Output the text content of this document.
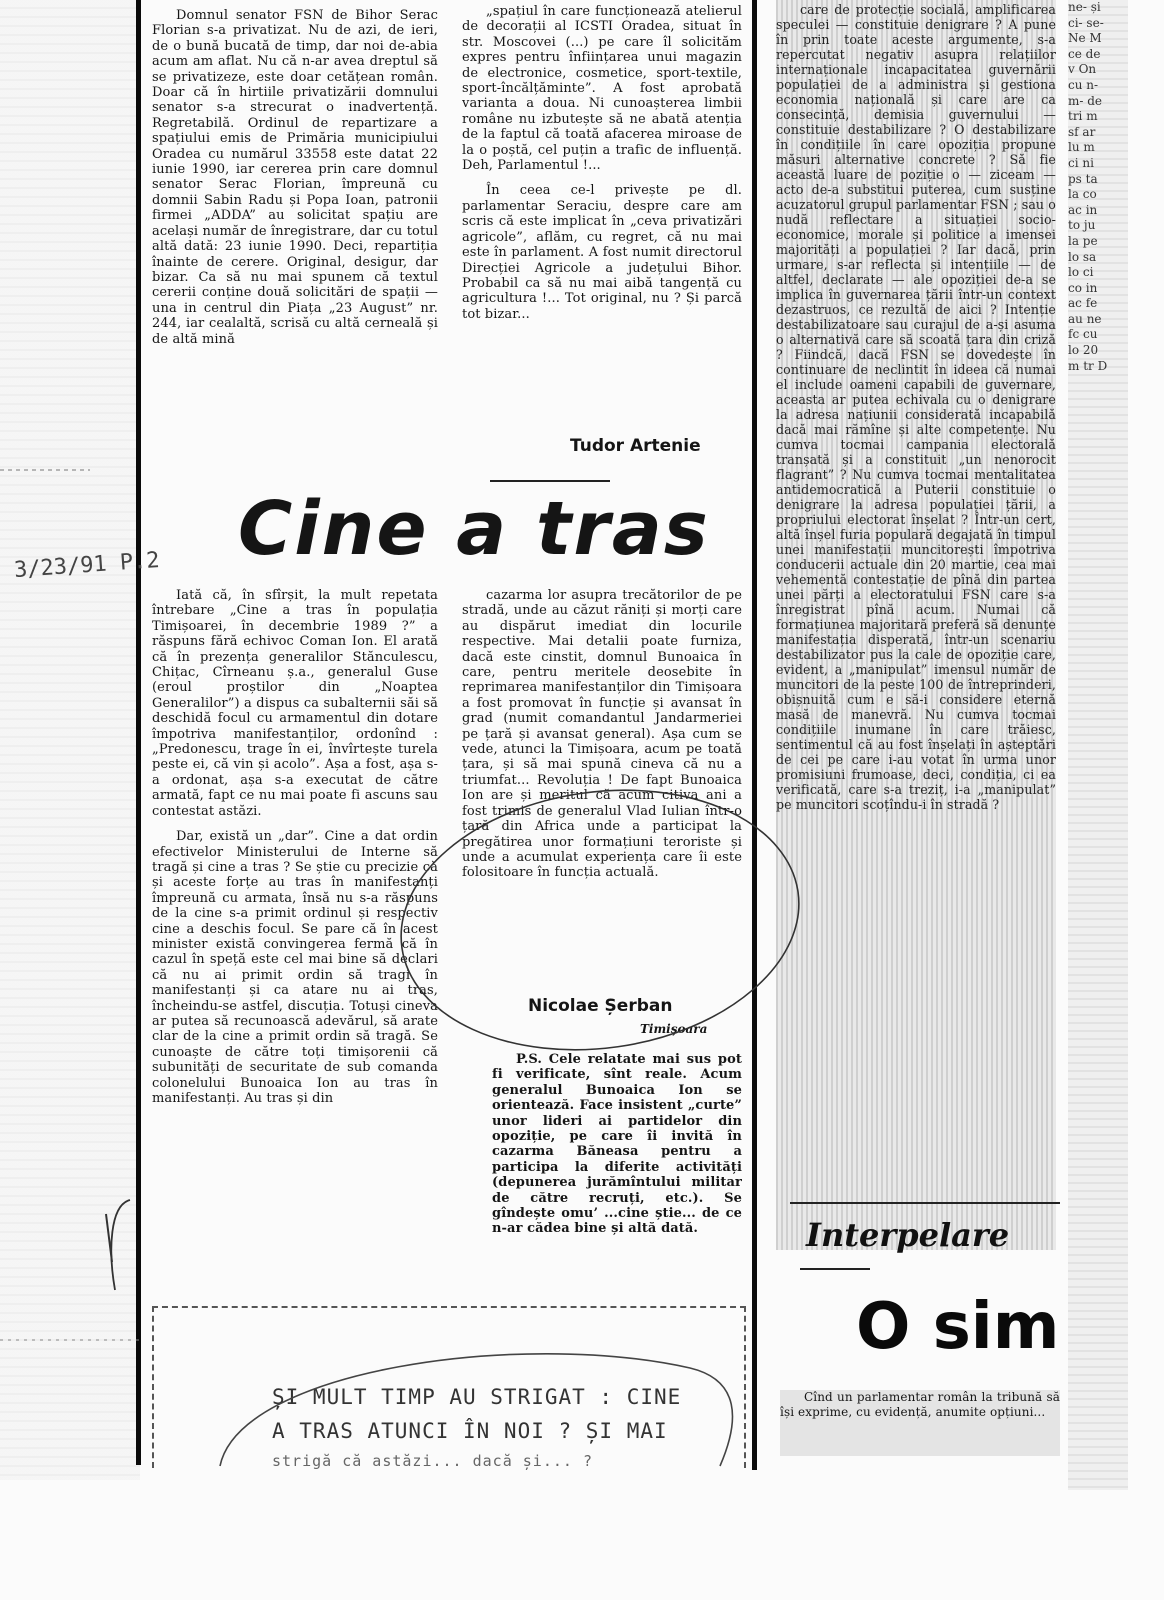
3/23/91 P.2

Domnul senator FSN de Bihor Serac Florian s-a privatizat. Nu de azi, de ieri, de o bună bucată de timp, dar noi de-abia acum am aflat. Nu că n-ar avea dreptul să se privatizeze, este doar cetățean român. Doar că în hirtiile privatizării domnului senator s-a strecurat o inadvertență. Regretabilă. Ordinul de repartizare a spațiului emis de Primăria municipiului Oradea cu numărul 33558 este datat 22 iunie 1990, iar cererea prin care domnul senator Serac Florian, împreună cu domnii Sabin Radu și Popa Ioan, patronii firmei „ADDA” au solicitat spațiu are același număr de înregistrare, dar cu totul altă dată: 23 iunie 1990. Deci, repartiția înainte de cerere. Original, desigur, dar bizar. Ca să nu mai spunem că textul cererii conține două solicitări de spații — una in centrul din Piața „23 August” nr. 244, iar cealaltă, scrisă cu altă cerneală și de altă mină

„spațiul în care funcționează atelierul de decorații al ICSTI Oradea, situat în str. Moscovei (...) pe care îl solicităm expres pentru înființarea unui magazin de electronice, cosmetice, sport-textile, sport-încălțăminte”. A fost aprobată varianta a doua. Ni cunoașterea limbii române nu izbutește să ne abată atenția de la faptul că toată afacerea miroase de la o poștă, cel puțin a trafic de influență. Deh, Parlamentul !...

În ceea ce-l privește pe dl. parlamentar Seraciu, despre care am scris că este implicat în „ceva privatizări agricole”, aflăm, cu regret, că nu mai este în parlament. A fost numit directorul Direcției Agricole a județului Bihor. Probabil ca să nu mai aibă tangență cu agricultura !... Tot original, nu ? Și parcă tot bizar...

Tudor Artenie
Cine a tras

Iată că, în sfîrșit, la mult repetata întrebare „Cine a tras în populația Timișoarei, în decembrie 1989 ?” a răspuns fără echivoc Coman Ion. El arată că în prezența generalilor Stănculescu, Chițac, Cîrneanu ș.a., generalul Guse (eroul proștilor din „Noaptea Generalilor”) a dispus ca subalternii săi să deschidă focul cu armamentul din dotare împotriva manifestanților, ordonînd : „Predonescu, trage în ei, învîrtește turela peste ei, că vin și acolo”. Așa a fost, așa s-a ordonat, așa s-a executat de către armată, fapt ce nu mai poate fi ascuns sau contestat astăzi.

Dar, există un „dar”. Cine a dat ordin efectivelor Ministerului de Interne să tragă și cine a tras ? Se știe cu precizie că și aceste forțe au tras în manifestanți împreună cu armata, însă nu s-a răspuns de la cine s-a primit ordinul și respectiv cine a deschis focul. Se pare că în acest minister există convingerea fermă că în cazul în speță este cel mai bine să declari că nu ai primit ordin să tragi în manifestanți și ca atare nu ai tras, încheindu-se astfel, discuția. Totuși cineva ar putea să recunoască adevărul, să arate clar de la cine a primit ordin să tragă. Se cunoaște de către toți timișorenii că subunități de securitate de sub comanda colonelului Bunoaica Ion au tras în manifestanți. Au tras și din

cazarma lor asupra trecătorilor de pe stradă, unde au căzut răniți și morți care au dispărut imediat din locurile respective. Mai detalii poate furniza, dacă este cinstit, domnul Bunoaica în care, pentru meritele deosebite în reprimarea manifestanților din Timișoara a fost promovat în funcție și avansat în grad (numit comandantul Jandarmeriei pe țară și avansat general). Așa cum se vede, atunci la Timișoara, acum pe toată țara, și să mai spună cineva că nu a triumfat... Revoluția ! De fapt Bunoaica Ion are și meritul că acum citiva ani a fost trimis de generalul Vlad Iulian într-o țară din Africa unde a participat la pregătirea unor formațiuni teroriste și unde a acumulat experiența care îi este folositoare în funcția actuală.

Nicolae Șerban
Timișoara

P.S. Cele relatate mai sus pot fi verificate, sînt reale. Acum generalul Bunoaica Ion se orientează. Face insistent „curte” unor lideri ai partidelor din opoziție, pe care îi invită în cazarma Băneasa pentru a participa la diferite activități (depunerea jurămîntului militar de către recruți, etc.). Se gîndește omu’ ...cine știe... de ce n-ar cădea bine și altă dată.

care de protecție socială, amplificarea speculei — constituie denigrare ? A pune în prin toate aceste argumente, s-a repercutat negativ asupra relațiilor internaționale incapacitatea guvernării populației de a administra și gestiona economia națională și care are ca consecință, demisia guvernului — constituie destabilizare ? O destabilizare în condițiile în care opoziția propune măsuri alternative concrete ? Să fie această luare de poziție o — ziceam — acto de-a substitui puterea, cum susține acuzatorul grupul parlamentar FSN ; sau o nudă reflectare a situației socio-economice, morale și politice a imensei majorități a populației ? Iar dacă, prin urmare, s-ar reflecta și intențiile — de altfel, declarate — ale opoziției de-a se implica în guvernarea țării într-un context dezastruos, ce rezultă de aici ? Intenție destabilizatoare sau curajul de a-și asuma o alternativă care să scoată țara din criză ? Fiindcă, dacă FSN se dovedește în continuare de neclintit în ideea că numai el include oameni capabili de guvernare, aceasta ar putea echivala cu o denigrare la adresa națiunii considerată incapabilă dacă mai rămîne și alte competențe. Nu cumva tocmai campania electorală tranșată și a constituit „un nenorocit flagrant” ? Nu cumva tocmai mentalitatea antidemocratică a Puterii constituie o denigrare la adresa populației țării, a propriului electorat înșelat ? Într-un cert, altă înșel furia populară degajată în timpul unei manifestații muncitorești împotriva conducerii actuale din 20 martie, cea mai vehementă contestație de pînă din partea unei părți a electoratului FSN care s-a înregistrat pînă acum. Numai că formațiunea majoritară preferă să denunțe manifestația disperată, într-un scenariu destabilizator pus la cale de opoziție care, evident, a „manipulat” imensul număr de muncitori de la peste 100 de întreprinderi, obișnuită cum e să-i considere eternă masă de manevră. Nu cumva tocmai condițiile inumane în care trăiesc, sentimentul că au fost înșelați în așteptări de cei pe care i-au votat în urma unor promisiuni frumoase, deci, condiția, ci ea verificată, care s-a treziț, i-a „manipulat” pe muncitori scoțîndu-i în stradă ?

Interpelare
O sim

Cînd un parlamentar român la tribună să își exprime, cu evidență, anumite opțiuni...

ne- și ci- se- Ne M ce de v On cu n- m- de tri m sf ar lu m ci ni ps ta la co ac in to ju la pe lo sa lo ci co in ac fe au ne fc cu lo 20 m tr D
ȘI MULT TIMP AU STRIGAT : CINE A TRAS ATUNCI ÎN NOI ? ȘI MAI
strigă că astăzi... dacă și... ?
